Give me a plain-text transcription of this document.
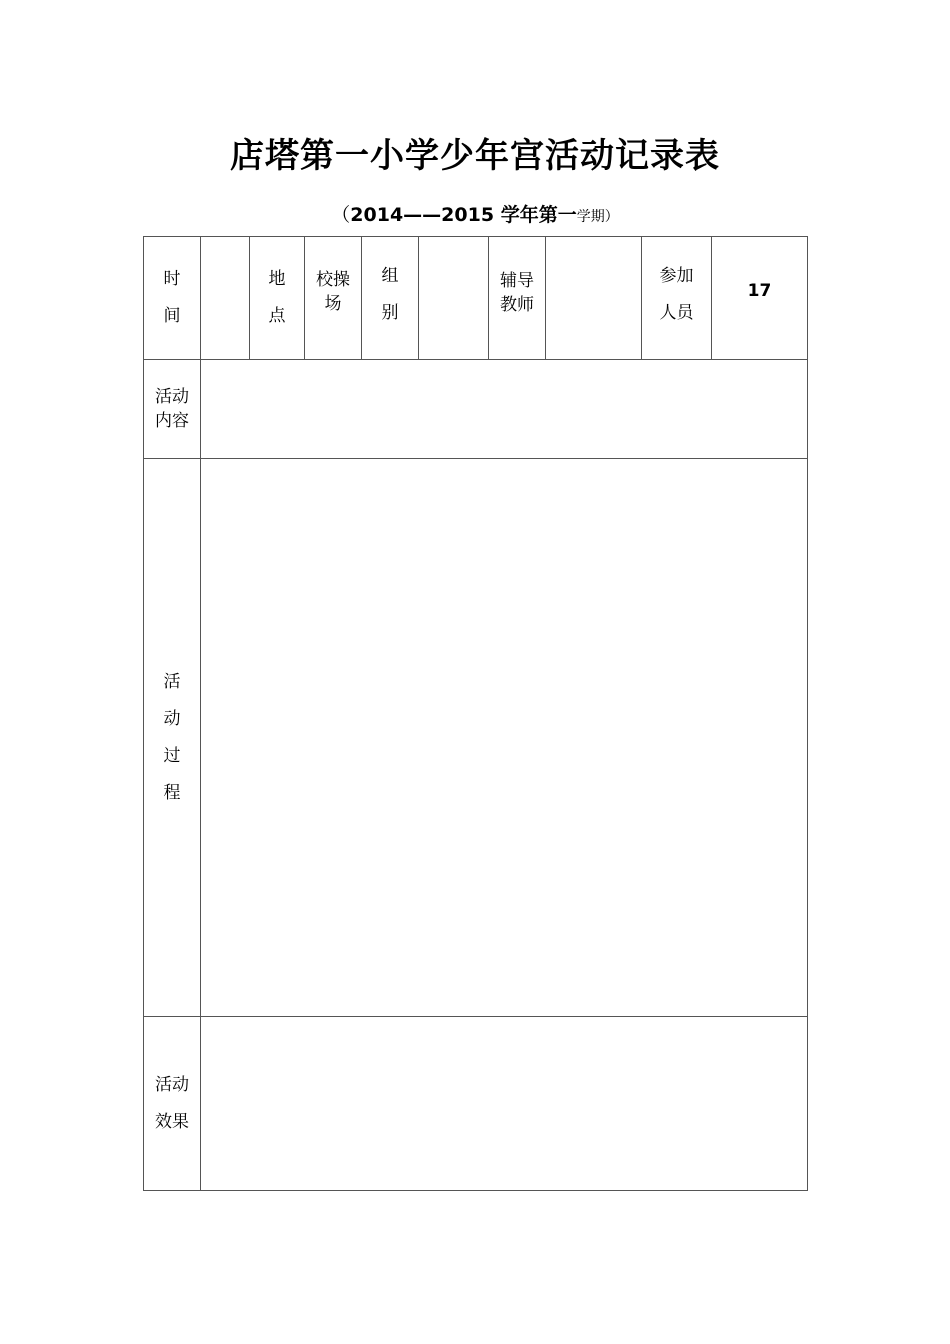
店塔第一小学少年宫活动记录表
（2014——2015 学年第一学期）
时
间
地
点
校操
场
组
别
辅导
教师
参加
人员
17
活动
内容
活
动
过
程
活动
效果
